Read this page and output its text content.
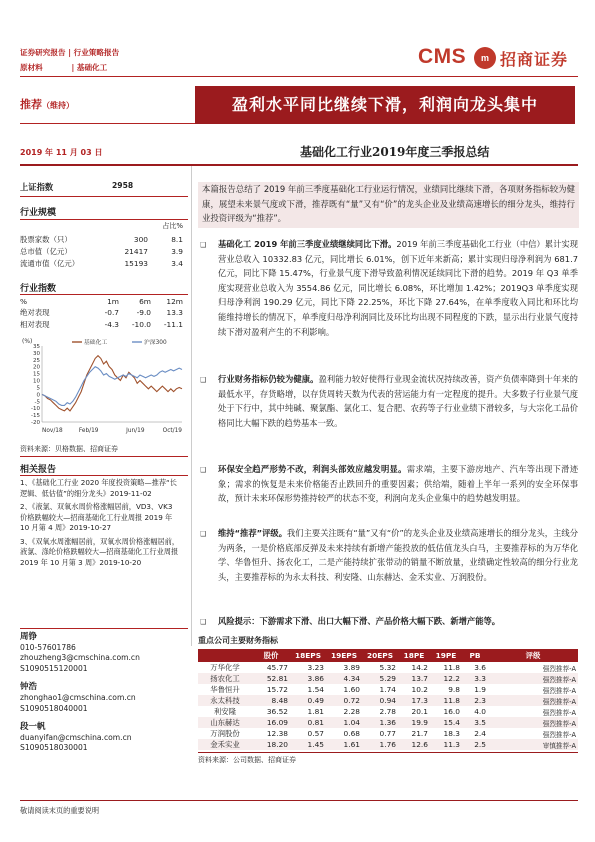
证券研究报告 | 行业策略报告
原材料	| 基础化工	CMS	m 招商证券
推荐（维持）	盈利水平同比继续下滑，利润向龙头集中
2019 年 11 月 03 日	基础化工行业2019年度三季报总结
上证指数	2958
行业规模
占比%
股票家数（只）	300	8.1
总市值（亿元）	21417	3.9
流通市值（亿元）	15193	3.4
行业指数
%	1m	6m	12m
绝对表现	-0.7	-9.0	13.3
相对表现	-4.3	-10.0	-11.1
(%)
35
30
25
20
15
10
5
0
-5
-10
-15
-20
Nov/18	Feb/19	Jun/19	Oct/19
基础化工	沪深300
资料来源：贝格数据、招商证券
相关报告
1、《基础化工行业 2020 年度投资策略—推荐“长逻辑、低估值”的细分龙头》2019-11-02
2、《液氯、双氧水周价格涨幅居前，VD3、VK3 价格跌幅较大—招商基础化工行业周报 2019 年 10 月第 4 周》2019-10-27
3、《双氧水周涨幅居前，双氧水周价格涨幅居前，液氯、涤纶价格跌幅较大—招商基础化工行业周报 2019 年 10 月第 3 周》2019-10-20
周铮
010-57601786
zhouzheng3@cmschina.com.cn
S1090515120001
钟浩
zhonghao1@cmschina.com.cn
S1090518040001
段一帆
duanyifan@cmschina.com.cn
S1090518030001
本篇报告总结了 2019 年前三季度基础化工行业运行情况，业绩同比继续下滑，各项财务指标较为健康，展望未来景气度或下滑，推荐既有“量”又有“价”的龙头企业及业绩高速增长的细分龙头，维持行业投资评级为“推荐”。
❑ 基础化工 2019 年前三季度业绩继续同比下滑。2019 年前三季度基础化工行业（中信）累计实现营业总收入 10332.83 亿元，同比增长 6.01%，创下近年来新高；累计实现归母净利润为 681.7 亿元，同比下降 15.47%，行业景气度下滑导致盈利情况延续同比下滑的趋势。2019 年 Q3 单季度实现营业总收入为 3554.86 亿元，同比增长 6.08%，环比增加 1.42%；2019Q3 单季度实现归母净利润 190.29 亿元，同比下降 22.25%，环比下降 27.64%，在单季度收入同比和环比均能维持增长的情况下，单季度归母净利润同比及环比均出现不同程度的下跌，显示出行业景气度持续下滑对盈利产生的不利影响。
❑ 行业财务指标仍较为健康。盈利能力较好使得行业现金流状况持续改善，资产负债率降到十年来的最低水平，存货略增，以存货周转天数为代表的营运能力有一定程度的提升。大多数子行业景气度处于下行中，其中纯碱、聚氯酯、氯化工、复合肥、农药等子行业业绩下滑较多，与大宗化工品价格同比大幅下跌的趋势基本一致。
❑ 环保安全趋严形势不改，利润头部效应越发明显。需求端，主要下游房地产、汽车等出现下滑迹象；需求的恢复是未来价格能否止跌回升的重要因素；供给端，随着上半年一系列的安全环保事故，预计未来环保形势推持较严的状态不变，利润向龙头企业集中的趋势越发明显。
❑ 维持“推荐”评级。我们主要关注既有“量”又有“价”的龙头企业及业绩高速增长的细分龙头，主线分为两条，一是价格底部反弹及未来持续有新增产能投放的低估值龙头白马，主要推荐标的为万华化学、华鲁恒升、扬农化工，二是产能持续扩张带动的销量不断放量，业绩确定性较高的细分行业龙头，主要推荐标的为永太科技、利安隆、山东赫达、金禾实业、万润股份。
❑ 风险提示：下游需求下滑、出口大幅下滑、产品价格大幅下跌、新增产能等。
重点公司主要财务指标
	股价	18EPS	19EPS	20EPS	18PE	19PE	PB	评级
万华化学	45.77	3.23	3.89	5.32	14.2	11.8	3.6	强烈推荐-A
扬农化工	52.81	3.86	4.34	5.29	13.7	12.2	3.3	强烈推荐-A
华鲁恒升	15.72	1.54	1.60	1.74	10.2	9.8	1.9	强烈推荐-A
永太科技	8.48	0.49	0.72	0.94	17.3	11.8	2.3	强烈推荐-A
利安隆	36.52	1.81	2.28	2.78	20.1	16.0	4.0	强烈推荐-A
山东赫达	16.09	0.81	1.04	1.36	19.9	15.4	3.5	强烈推荐-A
万润股份	12.38	0.57	0.68	0.77	21.7	18.3	2.4	强烈推荐-A
金禾实业	18.20	1.45	1.61	1.76	12.6	11.3	2.5	审慎推荐-A
资料来源：公司数据、招商证券
敬请阅读末页的重要说明
